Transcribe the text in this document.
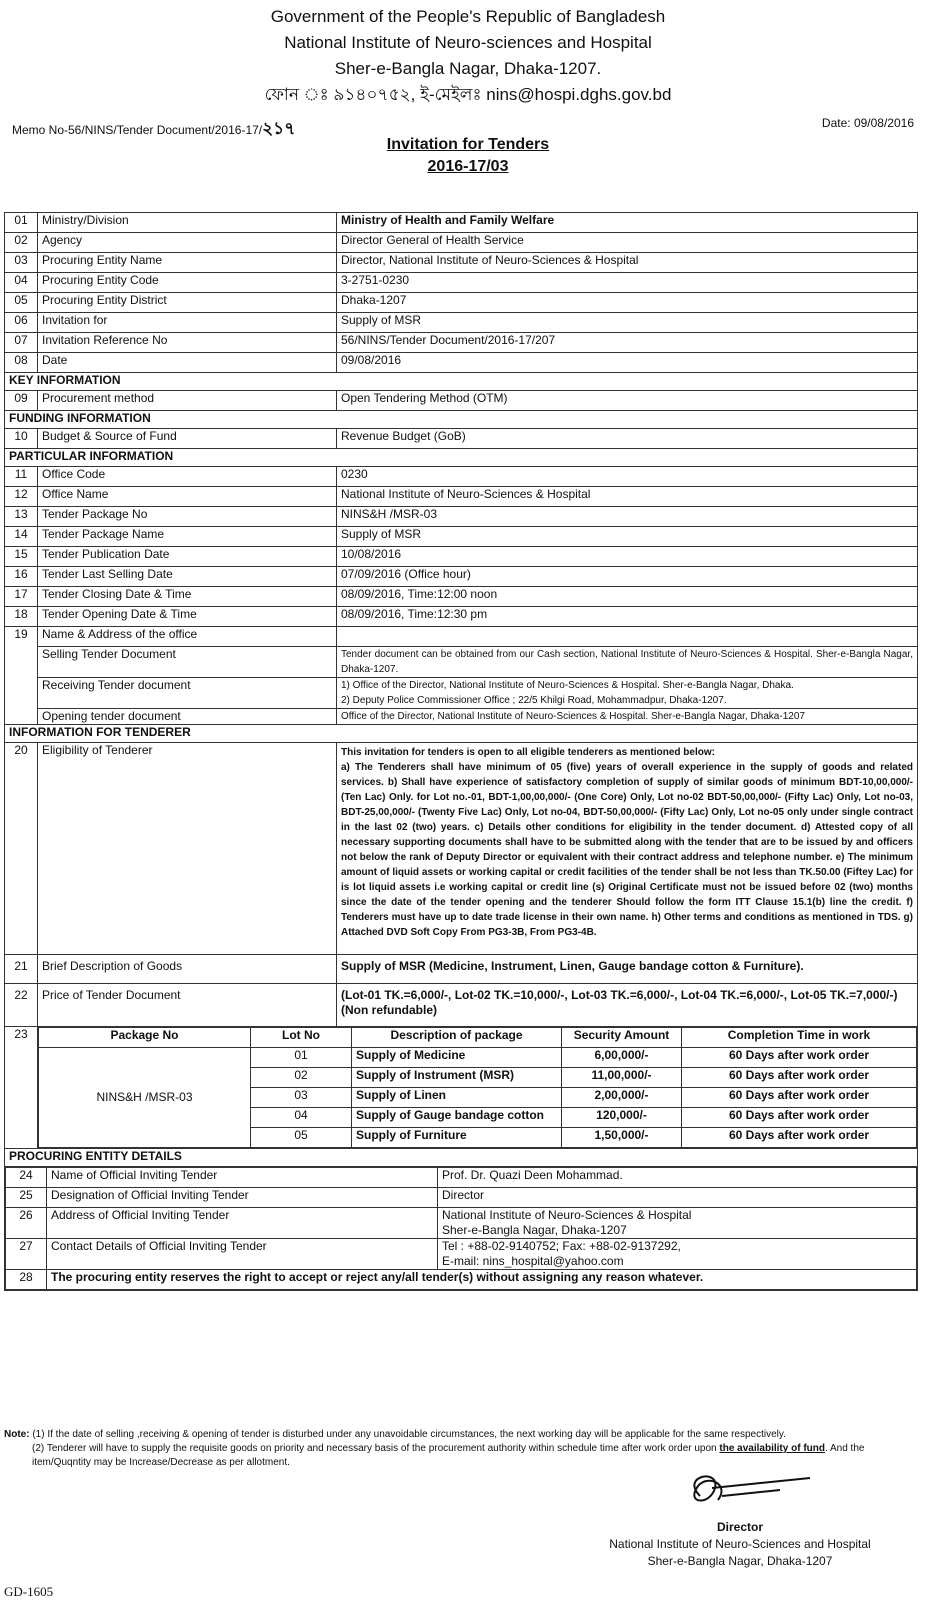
Government of the People's Republic of Bangladesh
National Institute of Neuro-sciences and Hospital
Sher-e-Bangla Nagar, Dhaka-1207.
ফোন ঃ ৯১৪০৭৫২, ই-মেইলঃ nins@hospi.dghs.gov.bd
Memo No-56/NINS/Tender Document/2016-17/২১৭	Date: 09/08/2016
Invitation for Tenders
2016-17/03
01	Ministry/Division	Ministry of Health and Family Welfare
02	Agency	Director General of Health Service
03	Procuring Entity Name	Director, National Institute of Neuro-Sciences & Hospital
04	Procuring Entity Code	3-2751-0230
05	Procuring Entity District	Dhaka-1207
06	Invitation for	Supply of MSR
07	Invitation Reference No	56/NINS/Tender Document/2016-17/207
08	Date	09/08/2016
KEY INFORMATION
09	Procurement method	Open Tendering Method (OTM)
FUNDING INFORMATION
10	Budget & Source of Fund	Revenue Budget (GoB)
PARTICULAR INFORMATION
11	Office Code	0230
12	Office Name	National Institute of Neuro-Sciences & Hospital
13	Tender Package No	NINS&H /MSR-03
14	Tender Package Name	Supply of MSR
15	Tender Publication Date	10/08/2016
16	Tender Last Selling Date	07/09/2016 (Office hour)
17	Tender Closing Date & Time	08/09/2016, Time:12:00 noon
18	Tender Opening Date & Time	08/09/2016, Time:12:30 pm
19	Name & Address of the office	
Selling Tender Document	Tender document can be obtained from our Cash section, National Institute of Neuro-Sciences & Hospital. Sher-e-Bangla Nagar, Dhaka-1207.
Receiving Tender document	1) Office of the Director, National Institute of Neuro-Sciences & Hospital. Sher-e-Bangla Nagar, Dhaka.
2) Deputy Police Commissioner Office ; 22/5 Khilgi Road, Mohammadpur, Dhaka-1207.

Opening tender document	Office of the Director, National Institute of Neuro-Sciences & Hospital. Sher-e-Bangla Nagar, Dhaka-1207
INFORMATION FOR TENDERER
20	Eligibility of Tenderer	This invitation for tenders is open to all eligible tenderers as mentioned below:
a) The Tenderers shall have minimum of 05 (five) years of overall experience in the supply of goods and related services. b) Shall have experience of satisfactory completion of supply of similar goods of minimum BDT-10,00,000/- (Ten Lac) Only. for Lot no.-01, BDT-1,00,00,000/- (One Core) Only, Lot no-02 BDT-50,00,000/- (Fifty Lac) Only, Lot no-03, BDT-25,00,000/- (Twenty Five Lac) Only, Lot no-04, BDT-50,00,000/- (Fifty Lac) Only, Lot no-05 only under single contract in the last 02 (two) years. c) Details other conditions for eligibility in the tender document. d) Attested copy of all necessary supporting documents shall have to be submitted along with the tender that are to be issued by and officers not below the rank of Deputy Director or equivalent with their contract address and telephone number. e) The minimum amount of liquid assets or working capital or credit facilities of the tender shall be not less than TK.50.00 (Fiftey Lac) for is lot liquid assets i.e working capital or credit line (s) Original Certificate must not be issued before 02 (two) months since the date of the tender opening and the tenderer Should follow the form ITT Clause 15.1(b) line the credit. f) Tenderers must have up to date trade license in their own name. h) Other terms and conditions as mentioned in TDS. g) Attached DVD Soft Copy From PG3-3B, From PG3-4B.
21	Brief Description of Goods	Supply of MSR (Medicine, Instrument, Linen, Gauge bandage cotton & Furniture).
22	Price of Tender Document	(Lot-01 TK.=6,000/-, Lot-02 TK.=10,000/-, Lot-03 TK.=6,000/-, Lot-04 TK.=6,000/-, Lot-05 TK.=7,000/-) (Non refundable)
23		Package No	Lot No	Description of package	Security Amount	Completion Time in work
NINS&H /MSR-03	01	Supply of Medicine	6,00,000/-	60 Days after work order
02	Supply of Instrument (MSR)	11,00,000/-	60 Days after work order
03	Supply of Linen	2,00,000/-	60 Days after work order
04	Supply of Gauge bandage cotton	120,000/-	60 Days after work order
05	Supply of Furniture	1,50,000/-	60 Days after work order

PROCURING ENTITY DETAILS

24	Name of Official Inviting Tender	Prof. Dr. Quazi Deen Mohammad.
25	Designation of Official Inviting Tender	Director
26	Address of Official Inviting Tender	National Institute of Neuro-Sciences & Hospital
Sher-e-Bangla Nagar, Dhaka-1207

27	Contact Details of Official Inviting Tender	Tel : +88-02-9140752; Fax: +88-02-9137292,
E-mail: nins_hospital@yahoo.com

28	The procuring entity reserves the right to accept or reject any/all tender(s) without assigning any reason whatever.
Note: (1) If the date of selling ,receiving & opening of tender is disturbed under any unavoidable circumstances, the next working day will be applicable for the same respectively.
(2) Tenderer will have to supply the requisite goods on priority and necessary basis of the procurement authority within schedule time after work order upon the availability of fund. And the item/Quqntity may be Increase/Decrease as per allotment.
Director
National Institute of Neuro-Sciences and Hospital
Sher-e-Bangla Nagar, Dhaka-1207
GD-1605
